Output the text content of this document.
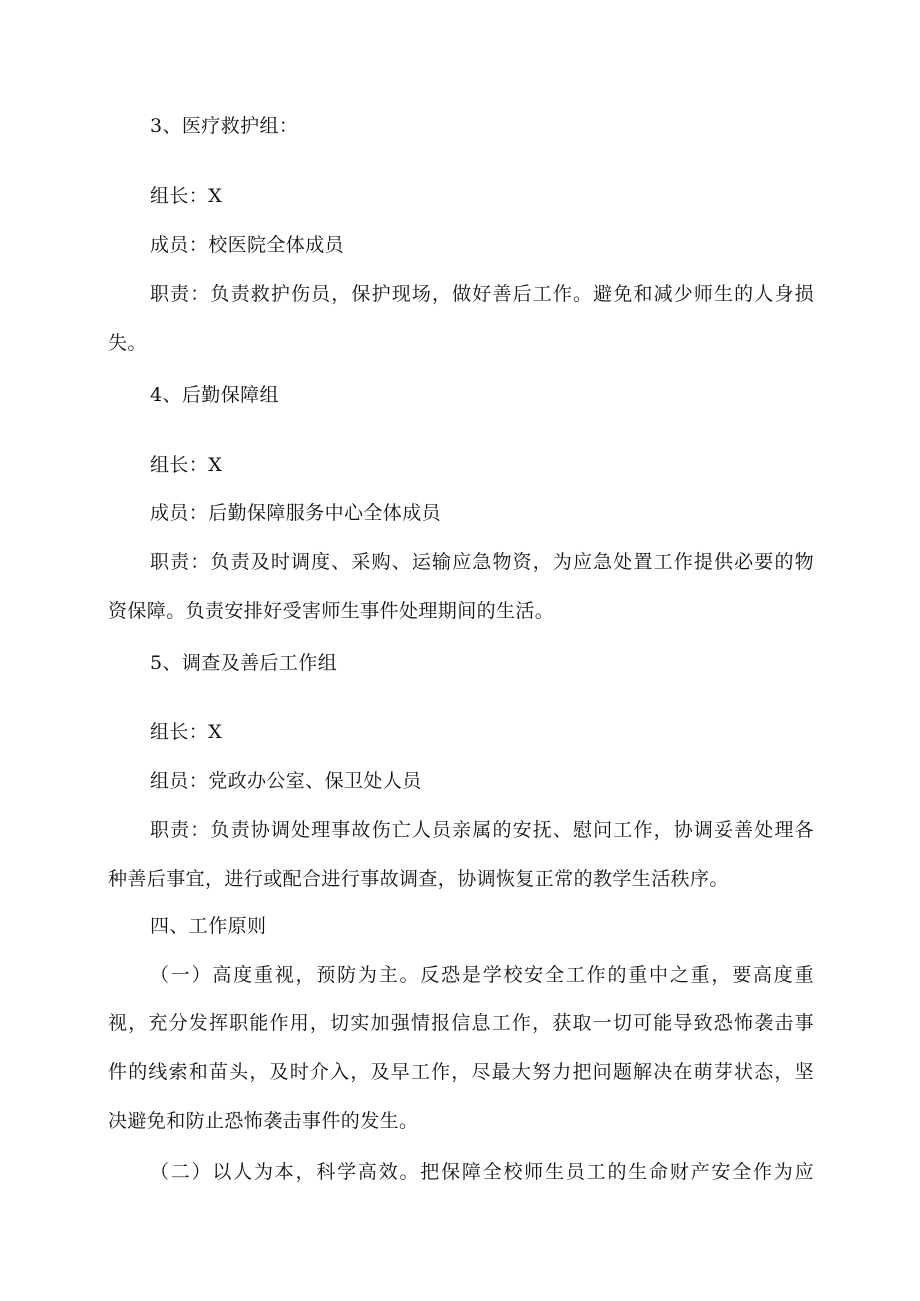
3、医疗救护组：
组长：X
成员：校医院全体成员
职责：负责救护伤员，保护现场，做好善后工作。避免和减少师生的人身损
失。
4、后勤保障组
组长：X
成员：后勤保障服务中心全体成员
职责：负责及时调度、采购、运输应急物资，为应急处置工作提供必要的物
资保障。负责安排好受害师生事件处理期间的生活。
5、调查及善后工作组
组长：X
组员：党政办公室、保卫处人员
职责：负责协调处理事故伤亡人员亲属的安抚、慰问工作，协调妥善处理各
种善后事宜，进行或配合进行事故调查，协调恢复正常的教学生活秩序。
四、工作原则
（一）高度重视，预防为主。反恐是学校安全工作的重中之重，要高度重
视，充分发挥职能作用，切实加强情报信息工作，获取一切可能导致恐怖袭击事
件的线索和苗头，及时介入，及早工作，尽最大努力把问题解决在萌芽状态，坚
决避免和防止恐怖袭击事件的发生。
（二）以人为本，科学高效。把保障全校师生员工的生命财产安全作为应
